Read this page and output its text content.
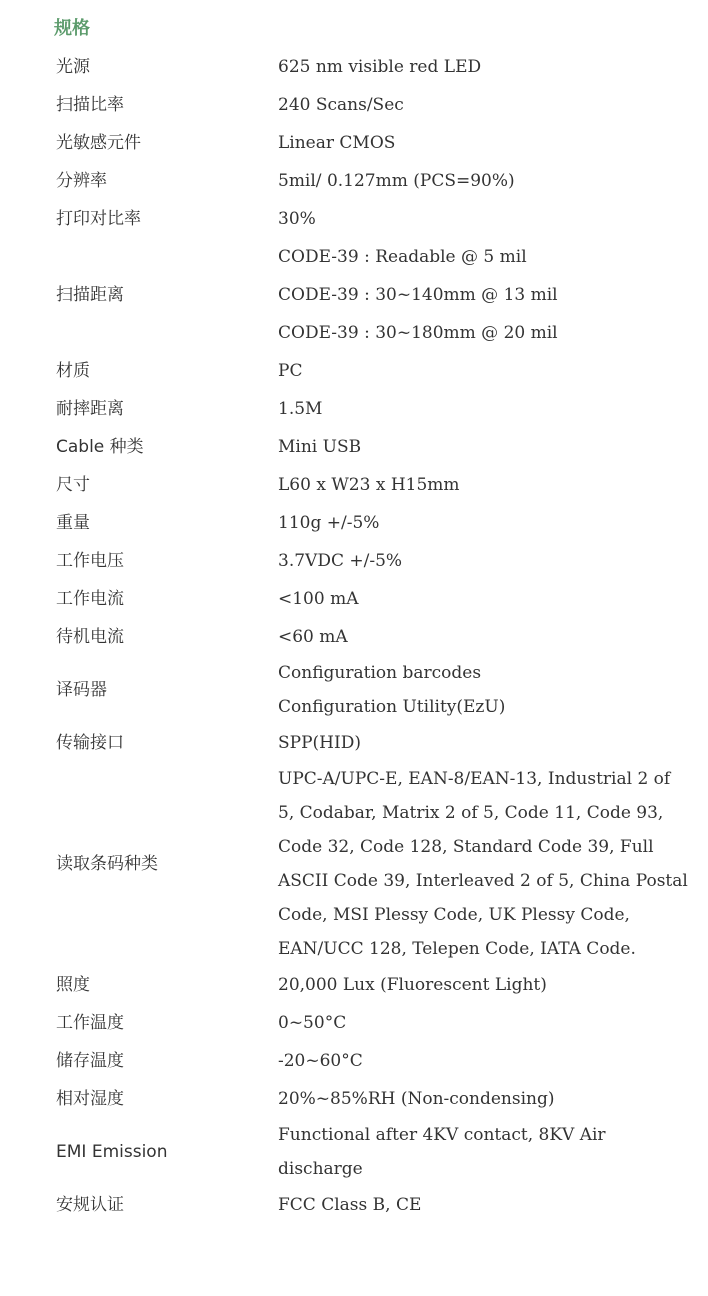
规格
光源	625 nm visible red LED

扫描比率	240 Scans/Sec

光敏感元件	Linear CMOS

分辨率	5mil/ 0.127mm (PCS=90%)

打印对比率	30%

扫描距离	CODE-39 : Readable @ 5 mil
CODE-39 : 30~140mm @ 13 mil
CODE-39 : 30~180mm @ 20 mil

材质	PC

耐摔距离	1.5M

Cable 种类	Mini USB

尺寸	L60 x W23 x H15mm

重量	110g +/-5%

工作电压	3.7VDC +/-5%

工作电流	<100 mA

待机电流	<60 mA

译码器	Configuration barcodes
Configuration Utility(EzU)

传输接口	SPP(HID)

读取条码种类	UPC-A/UPC-E, EAN-8/EAN-13, Industrial 2 of 5, Codabar, Matrix 2 of 5, Code 11, Code 93, Code 32, Code 128, Standard Code 39, Full ASCII Code 39, Interleaved 2 of 5, China Postal Code, MSI Plessy Code, UK Plessy Code, EAN/UCC 128, Telepen Code, IATA Code.

照度	20,000 Lux (Fluorescent Light)

工作温度	0~50°C

储存温度	-20~60°C

相对湿度	20%~85%RH (Non-condensing)

EMI Emission	Functional after 4KV contact, 8KV Air discharge

安规认证	FCC Class B, CE
